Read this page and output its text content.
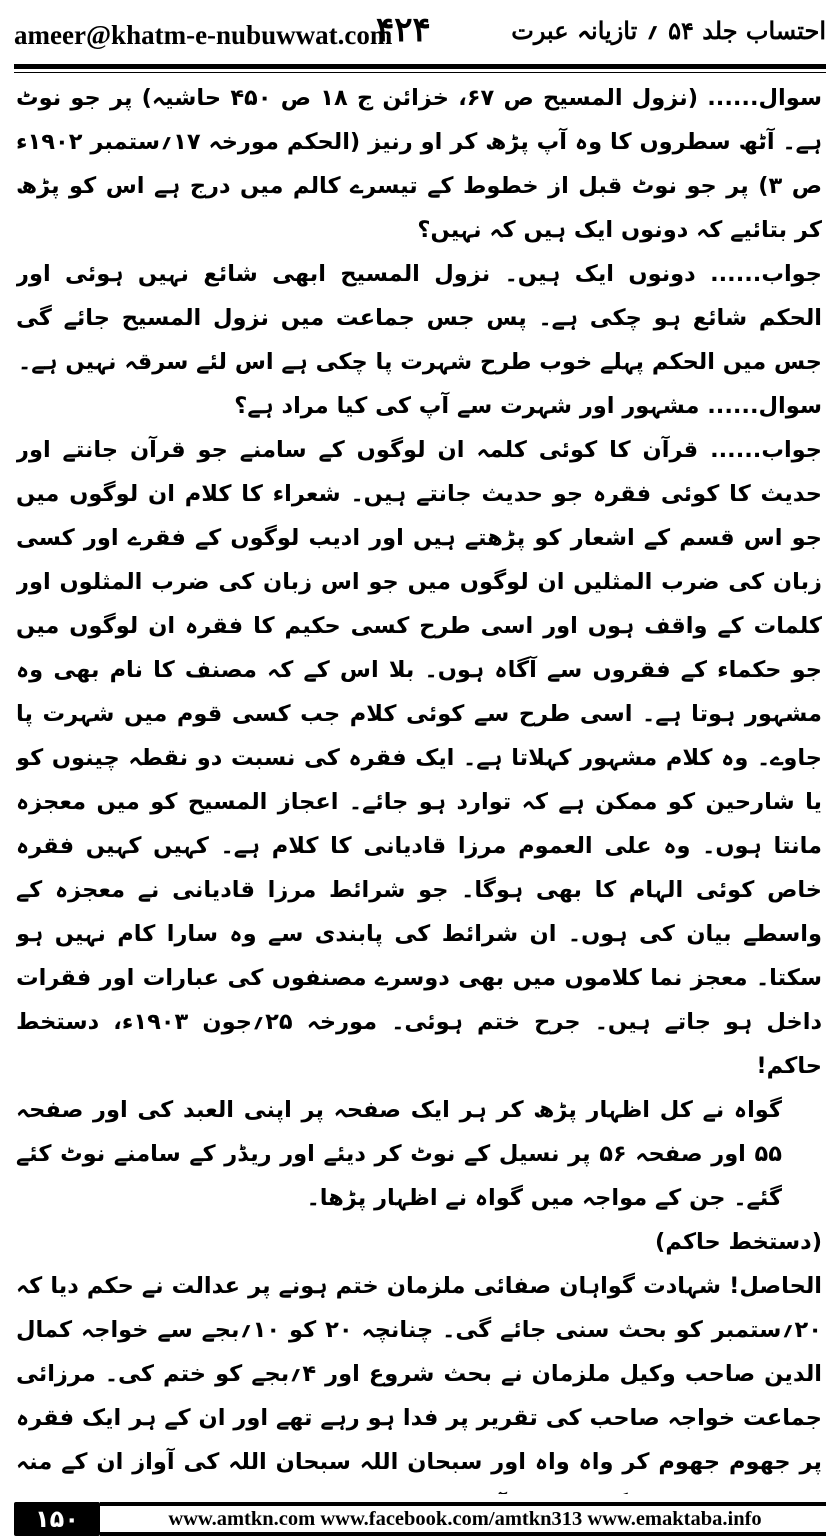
ameer@khatm-e-nubuwwat.com
۴۲۴	احتساب جلد ۵۴ ؍ تازیانہ عبرت

سوال...... (نزول المسیح ص ۶۷، خزائن ج ۱۸ ص ۴۵۰ حاشیہ) پر جو نوٹ ہے۔ آٹھ سطروں کا وہ آپ پڑھ کر او رنیز (الحکم مورخہ ۱۷؍ستمبر ۱۹۰۲ء ص ۳) پر جو نوٹ قبل از خطوط کے تیسرے کالم میں درج ہے اس کو پڑھ کر بتائیے کہ دونوں ایک ہیں کہ نہیں؟

جواب...... دونوں ایک ہیں۔ نزول المسیح ابھی شائع نہیں ہوئی اور الحکم شائع ہو چکی ہے۔ پس جس جماعت میں نزول المسیح جائے گی جس میں الحکم پہلے خوب طرح شہرت پا چکی ہے اس لئے سرقہ نہیں ہے۔

سوال...... مشہور اور شہرت سے آپ کی کیا مراد ہے؟

جواب...... قرآن کا کوئی کلمہ ان لوگوں کے سامنے جو قرآن جانتے اور حدیث کا کوئی فقرہ جو حدیث جانتے ہیں۔ شعراء کا کلام ان لوگوں میں جو اس قسم کے اشعار کو پڑھتے ہیں اور ادیب لوگوں کے فقرے اور کسی زبان کی ضرب المثلیں ان لوگوں میں جو اس زبان کی ضرب المثلوں اور کلمات کے واقف ہوں اور اسی طرح کسی حکیم کا فقرہ ان لوگوں میں جو حکماء کے فقروں سے آگاہ ہوں۔ بلا اس کے کہ مصنف کا نام بھی وہ مشہور ہوتا ہے۔ اسی طرح سے کوئی کلام جب کسی قوم میں شہرت پا جاوے۔ وہ کلام مشہور کہلاتا ہے۔ ایک فقرہ کی نسبت دو نقطہ چینوں کو یا شارحین کو ممکن ہے کہ توارد ہو جائے۔ اعجاز المسیح کو میں معجزہ مانتا ہوں۔ وہ علی العموم مرزا قادیانی کا کلام ہے۔ کہیں کہیں فقرہ خاص کوئی الہام کا بھی ہوگا۔ جو شرائط مرزا قادیانی نے معجزہ کے واسطے بیان کی ہوں۔ ان شرائط کی پابندی سے وہ سارا کام نہیں ہو سکتا۔ معجز نما کلاموں میں بھی دوسرے مصنفوں کی عبارات اور فقرات داخل ہو جاتے ہیں۔ جرح ختم ہوئی۔ مورخہ ۲۵؍جون ۱۹۰۳ء، دستخط حاکم!

گواہ نے کل اظہار پڑھ کر ہر ایک صفحہ پر اپنی العبد کی اور صفحہ ۵۵ اور صفحہ ۵۶ پر نسیل کے نوٹ کر دیئے اور ریڈر کے سامنے نوٹ کئے گئے۔ جن کے مواجہ میں گواہ نے اظہار پڑھا۔

(دستخط حاکم)

الحاصل! شہادت گواہان صفائی ملزمان ختم ہونے پر عدالت نے حکم دیا کہ ۲۰؍ستمبر کو بحث سنی جائے گی۔ چنانچہ ۲۰ کو ۱۰؍بجے سے خواجہ کمال الدین صاحب وکیل ملزمان نے بحث شروع اور ۴؍بجے کو ختم کی۔ مرزائی جماعت خواجہ صاحب کی تقریر پر فدا ہو رہے تھے اور ان کے ہر ایک فقرہ پر جھوم جھوم کر واہ واہ اور سبحان اللہ سبحان اللہ کی آواز ان کے منہ

۱۵۰	www.amtkn.com www.facebook.com/amtkn313 www.emaktaba.info
